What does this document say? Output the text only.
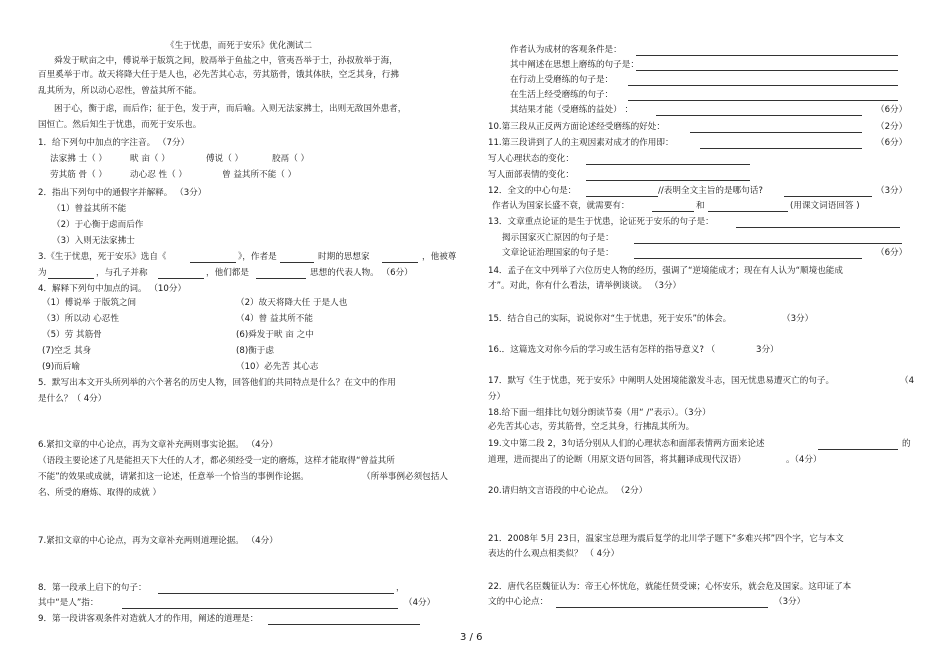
《生于忧患，而死于安乐》优化测试二
舜发于畎亩之中，傅说举于版筑之间，胶鬲举于鱼盐之中，管夷吾举于士，孙叔敖举于海，
百里奚举于市。故天将降大任于是人也，必先苦其心志，劳其筋骨，饿其体肤，空乏其身，行拂
乱其所为，所以动心忍性，曾益其所不能。
困于心，衡于虑，而后作；征于色，发于声，而后喻。入则无法家拂士，出则无敌国外患者，
国恒亡。然后知生于忧患，而死于安乐也。
1．给下列句中加点的字注音。 （7分）
法家拂 士（ ）	畎 亩（ ）	傅说（ ）	胶鬲（ ）
劳其筋 骨（ ）	动心忍 性（ ）	曾 益其所不能（ ）
2．指出下列句中的通假字并解释。 （3分）
（1）曾益其所不能
（2）于心衡于虑而后作
（3）入则无法家拂士
3.《生于忧患，死于安乐》选自《	》，作者是	时期的思想家	，他被尊
为	，与孔子并称	，他们都是	思想的代表人物。 （6分）
4．解释下列句中加点的词。 （10分）
（1）傅说举 于版筑之间	（2）故天将降大任 于是人也
（3）所以动 心忍性	（4）曾 益其所不能
（5）劳 其筋骨	(6)舜发于畎 亩 之中
(7)空乏 其身	(8)衡于虑
(9)而后喻	（10）必先苦 其心志
5．默写出本文开头所列举的六个著名的历史人物，回答他们的共同特点是什么？在文中的作用
是什么？（ 4分）
6.紧扣文章的中心论点，再为文章补充两则事实论据。 （4分）
（语段主要论述了凡是能担天下大任的人才，都必须经受一定的磨炼，这样才能取得“曾益其所
不能”的效果或成就，请紧扣这一论述，任意举一个恰当的事例作论据。	（所举事例必须包括人
名、所受的磨炼、取得的成就 ）
7.紧扣文章的中心论点，再为文章补充两则道理论据。 （4分）
8．第一段承上启下的句子：	，
其中“是人”指：	（4分）
9．第一段讲客观条件对造就人才的作用，阐述的道理是：
作者认为成材的客观条件是：
其中阐述在思想上磨练的句子是：
在行动上受磨练的句子是：
在生活上经受磨练的句子：
其结果才能（受磨练的益处） ：	（6分）
10.第三段从正反两方面论述经受磨练的好处：	（2分）
11.第三段讲到了人的主观因素对成才的作用即：	（6分）
写人心理状态的变化：
写人面部表情的变化：
12．全文的中心句是：	//表明全文主旨的是哪句话?	（3分）
作者认为国家长盛不衰，就需要有：	和	(用课文词语回答 )
13．文章重点论证的是生于忧患，论证死于安乐的句子是：
揭示国家灭亡原因的句子是：
文章论证治理国家的句子是：	（6分）
14．孟子在文中列举了六位历史人物的经历，强调了“逆境能成才；现在有人认为“顺境也能成
才”。对此，你有什么看法，请举例谈谈。 （3分）
15．结合自己的实际，说说你对“生于忧患，死于安乐”的体会。	（3分）
16.．这篇选文对你今后的学习或生活有怎样的指导意义? （	3分）
17．默写《生于忧患，死于安乐》中阐明人处困境能激发斗志，国无忧患易遭灭亡的句子。	（4
分）
18.给下面一组排比句划分朗读节奏（用“ /”表示）。（3分）
必先苦其心志，劳其筋骨，空乏其身，行拂乱其所为。
19.文中第二段 2，3句话分别从人们的心理状态和面部表情两方面来论述	的
道理，进而提出了的论断（用原文语句回答，将其翻译成现代汉语）	。（4分）
20.请归纳文言语段的中心论点。 （2分）
21．2008年 5月 23日，温家宝总理为震后复学的北川学子题下“多难兴邦”四个字，它与本文
表达的什么观点相类似？ （ 4分）
22．唐代名臣魏征认为：帝王心怀忧危，就能任贤受谏；心怀安乐，就会危及国家。这印证了本
文的中心论点：	（3分）
3 / 6
